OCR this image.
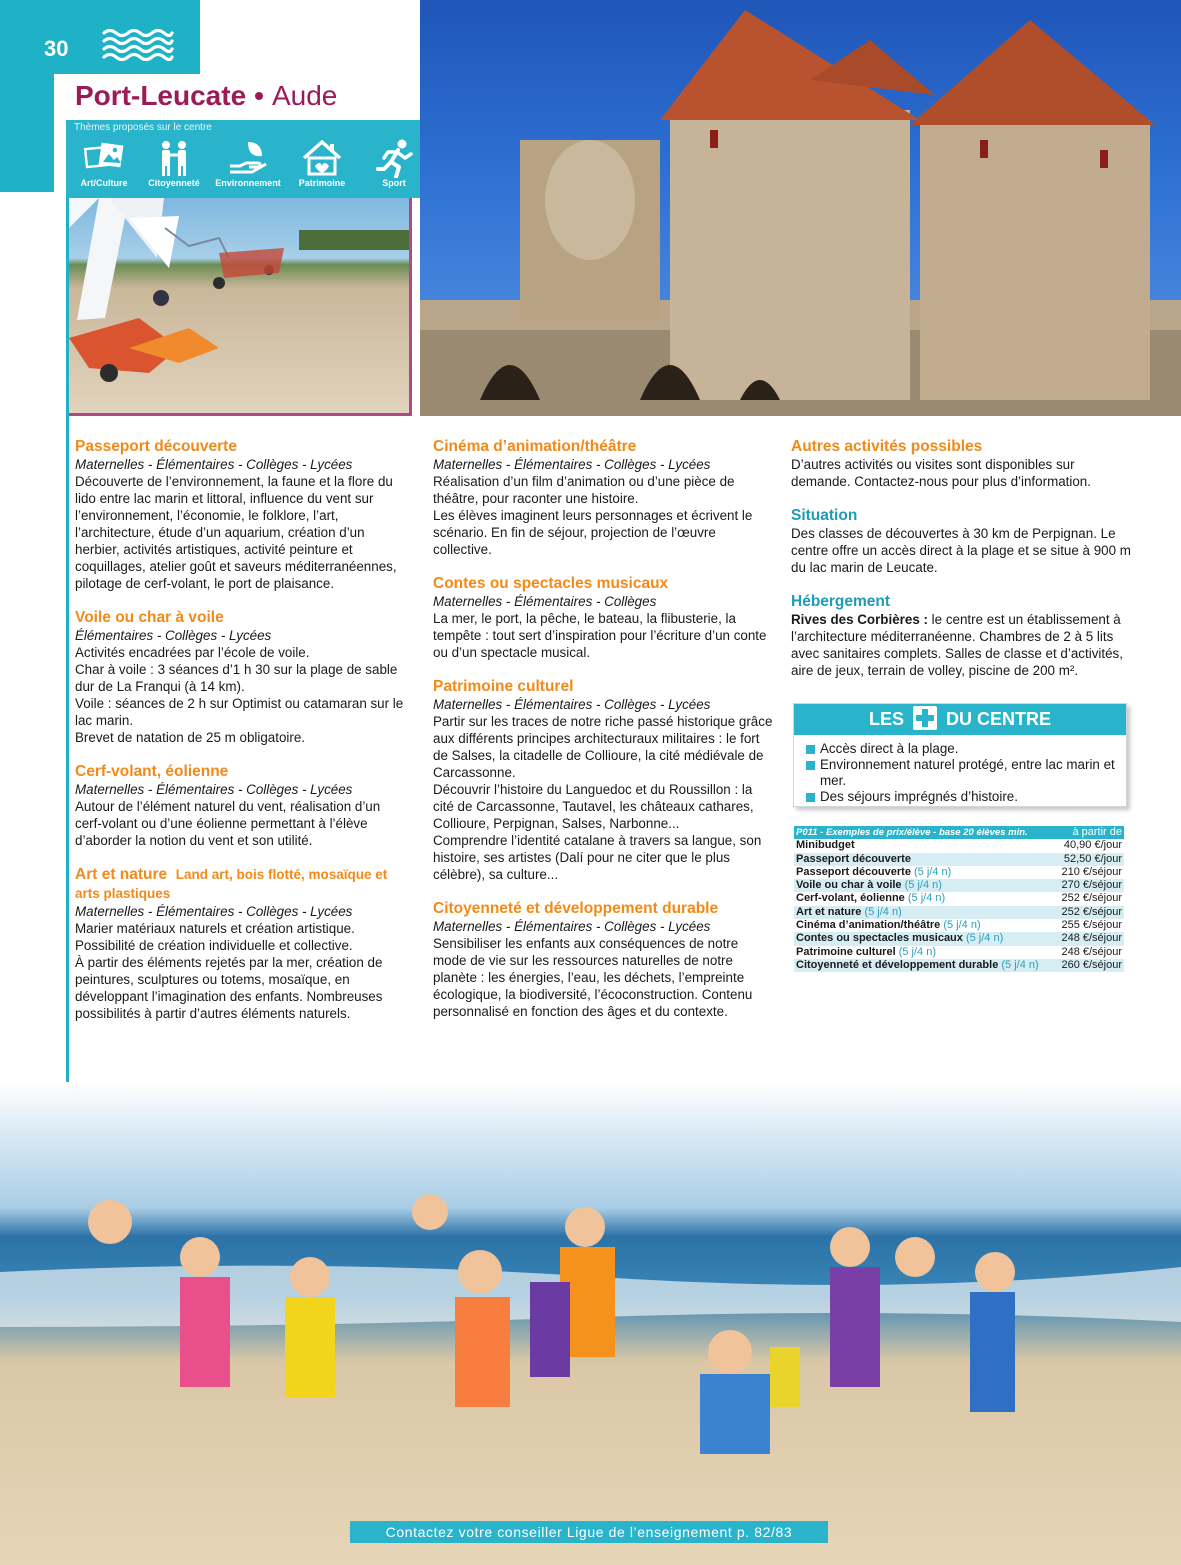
30
Port-Leucate • Aude
Thèmes proposés sur le centre
Art/Culture	Citoyenneté	Environnement	Patrimoine	Sport
Passeport découverte
Maternelles - Élémentaires - Collèges - Lycées
Découverte de l’environnement, la faune et la flore du lido entre lac marin et littoral, influence du vent sur l’environnement, l’économie, le folklore, l’art, l’architecture, étude d’un aquarium, création d’un herbier, activités artistiques, activité peinture et coquillages, atelier goût et saveurs méditerranéennes, pilotage de cerf-volant, le port de plaisance.
Voile ou char à voile
Élémentaires - Collèges - Lycées
Activités encadrées par l’école de voile.
Char à voile : 3 séances d’1 h 30 sur la plage de sable dur de La Franqui (à 14 km).
Voile : séances de 2 h sur Optimist ou catamaran sur le lac marin.
Brevet de natation de 25 m obligatoire.
Cerf-volant, éolienne
Maternelles - Élémentaires - Collèges - Lycées
Autour de l’élément naturel du vent, réalisation d’un cerf-volant ou d’une éolienne permettant à l’élève d’aborder la notion du vent et son utilité.
Art et nature Land art, bois flotté, mosaïque et arts plastiques
Maternelles - Élémentaires - Collèges - Lycées
Marier matériaux naturels et création artistique. Possibilité de création individuelle et collective.
À partir des éléments rejetés par la mer, création de peintures, sculptures ou totems, mosaïque, en développant l’imagination des enfants. Nombreuses possibilités à partir d’autres éléments naturels.
Cinéma d’animation/théâtre
Maternelles - Élémentaires - Collèges - Lycées
Réalisation d’un film d’animation ou d’une pièce de théâtre, pour raconter une histoire.
Les élèves imaginent leurs personnages et écrivent le scénario. En fin de séjour, projection de l’œuvre collective.
Contes ou spectacles musicaux
Maternelles - Élémentaires - Collèges
La mer, le port, la pêche, le bateau, la flibusterie, la tempête : tout sert d’inspiration pour l’écriture d’un conte ou d’un spectacle musical.
Patrimoine culturel
Maternelles - Élémentaires - Collèges - Lycées
Partir sur les traces de notre riche passé historique grâce aux différents principes architecturaux militaires : le fort de Salses, la citadelle de Collioure, la cité médiévale de Carcassonne.
Découvrir l’histoire du Languedoc et du Roussillon : la cité de Carcassonne, Tautavel, les châteaux cathares, Collioure, Perpignan, Salses, Narbonne...
Comprendre l’identité catalane à travers sa langue, son histoire, ses artistes (Dalí pour ne citer que le plus célèbre), sa culture...
Citoyenneté et développement durable
Maternelles - Élémentaires - Collèges - Lycées
Sensibiliser les enfants aux conséquences de notre mode de vie sur les ressources naturelles de notre planète : les énergies, l’eau, les déchets, l’empreinte écologique, la biodiversité, l’écoconstruction. Contenu personnalisé en fonction des âges et du contexte.
Autres activités possibles
D’autres activités ou visites sont disponibles sur demande. Contactez-nous pour plus d’information.
Situation
Des classes de découvertes à 30 km de Perpignan. Le centre offre un accès direct à la plage et se situe à 900 m du lac marin de Leucate.
Hébergement
Rives des Corbières : le centre est un établissement à l’architecture méditerranéenne. Chambres de 2 à 5 lits avec sanitaires complets. Salles de classe et d’activités, aire de jeux, terrain de volley, piscine de 200 m².
LES DU CENTRE
Accès direct à la plage.
Environnement naturel protégé, entre lac marin et mer.
Des séjours imprégnés d’histoire.
P011 - Exemples de prix/élève - base 20 élèves min.	à partir de
Minibudget	40,90 €/jour
Passeport découverte	52,50 €/jour
Passeport découverte (5 j/4 n)	210 €/séjour
Voile ou char à voile (5 j/4 n)	270 €/séjour
Cerf-volant, éolienne (5 j/4 n)	252 €/séjour
Art et nature (5 j/4 n)	252 €/séjour
Cinéma d’animation/théâtre (5 j/4 n)	255 €/séjour
Contes ou spectacles musicaux (5 j/4 n)	248 €/séjour
Patrimoine culturel (5 j/4 n)	248 €/séjour
Citoyenneté et développement durable (5 j/4 n)	260 €/séjour
Contactez votre conseiller Ligue de l’enseignement p. 82/83
